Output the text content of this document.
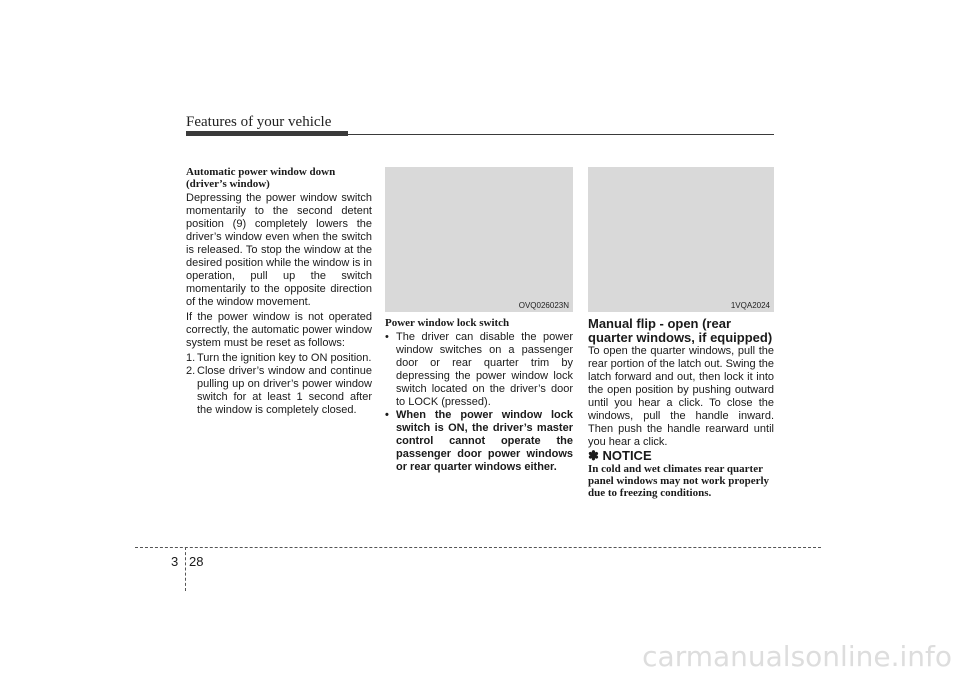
Features of your vehicle

Automatic power window down
(driver’s window)

Depressing the power window switch momentarily to the second detent position (9) completely lowers the driver’s window even when the switch is released. To stop the window at the desired position while the window is in operation, pull up the switch momentarily to the opposite direction of the window movement.

If the power window is not operated correctly, the automatic power window system must be reset as follows:

1. Turn the ignition key to ON position.
2. Close driver’s window and continue pulling up on driver’s power window switch for at least 1 second after the window is completely closed.
OVQ026023N

Power window lock switch

• The driver can disable the power window switches on a passenger door or rear quarter trim by depressing the power window lock switch located on the driver’s door to LOCK (pressed).
• When the power window lock switch is ON, the driver’s master control cannot operate the passenger door power windows or rear quarter windows either.
1VQA2024

Manual flip - open (rear quarter windows, if equipped)

To open the quarter windows, pull the rear portion of the latch out. Swing the latch forward and out, then lock it into the open position by pushing outward until you hear a click. To close the windows, pull the handle inward. Then push the handle rearward until you hear a click.

✽ NOTICE

In cold and wet climates rear quarter panel windows may not work properly due to freezing conditions.

3 28
carmanualsonline.info
